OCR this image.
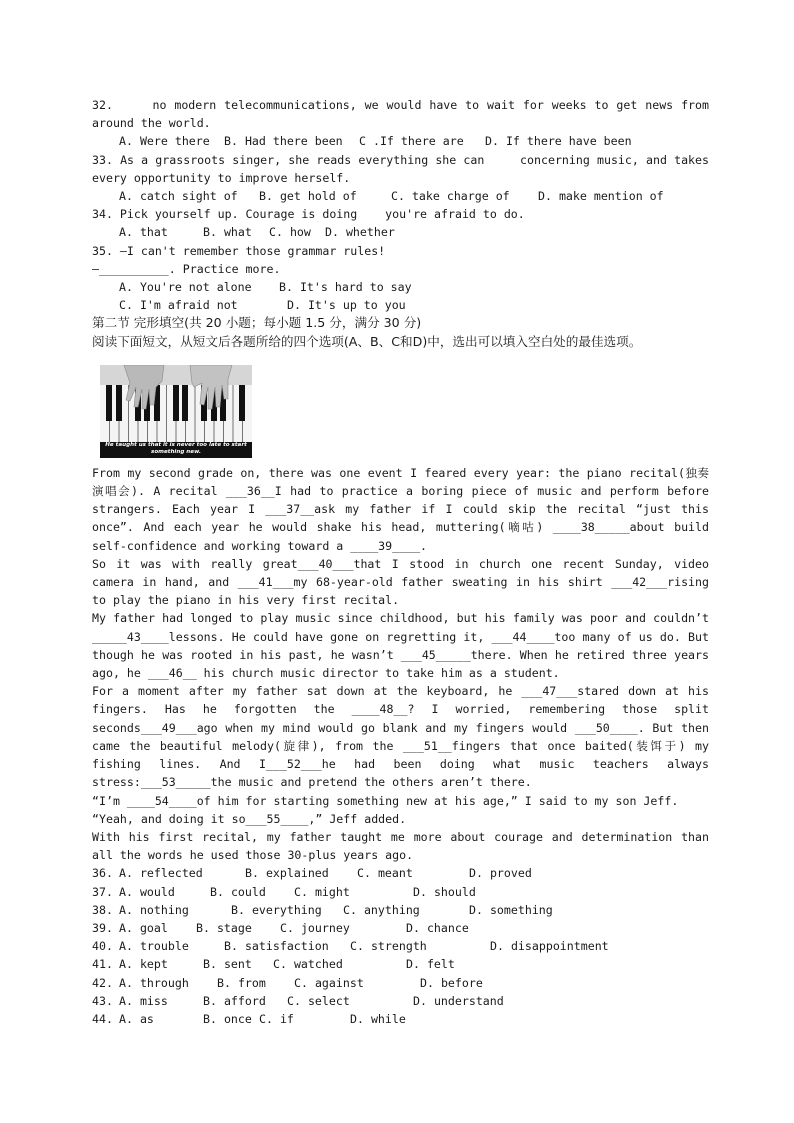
32.     no modern telecommunications, we would have to wait for weeks to get news from around the world.

A. Were there B. Had there been C .If there are D. If there have been

33. As a grassroots singer, she reads everything she can     concerning music, and takes every opportunity to improve herself.

A. catch sight of B. get hold of	C. take charge of D. make mention of

34. Pick yourself up. Courage is doing    you're afraid to do.

A. that	B. what C. how D. whether

35. —I can't remember those grammar rules!

—__________. Practice more.

A. You're not alone B. It's hard to say

C. I'm afraid not	D. It's up to you

第二节 完形填空(共 20 小题；每小题 1.5 分，满分 30 分)

阅读下面短文，从短文后各题所给的四个选项(A、B、C和D)中，选出可以填入空白处的最佳选项。

He taught us that it is never too late to start something new.

From my second grade on, there was one event I feared every year: the piano recital(独奏演唱会). A recital ___36__I had to practice a boring piece of music and perform before strangers. Each year I ___37__ask my father if I could skip the recital “just this once”. And each year he would shake his head, muttering(嘀咕) ____38_____about build self-confidence and working toward a ____39____.

So it was with really great___40___that I stood in church one recent Sunday, video camera in hand, and ___41___my 68-year-old father sweating in his shirt ___42___rising to play the piano in his very first recital.

My father had longed to play music since childhood, but his family was poor and couldn’t _____43____lessons. He could have gone on regretting it, ___44____too many of us do. But though he was rooted in his past, he wasn’t ___45_____there. When he retired three years ago, he ___46__ his church music director to take him as a student.

For a moment after my father sat down at the keyboard, he ___47___stared down at his fingers. Has he forgotten the ____48__? I worried, remembering those split seconds___49___ago when my mind would go blank and my fingers would ___50____. But then came the beautiful melody(旋律), from the ___51__fingers that once baited(装饵于) my fishing lines. And I___52___he had been doing what music teachers always stress:___53_____the music and pretend the others aren’t there.

“I’m ____54____of him for starting something new at his age,” I said to my son Jeff.

“Yeah, and doing it so___55____,” Jeff added.

With his first recital, my father taught me more about courage and determination than all the words he used those 30-plus years ago.

36. A. reflected	B. explained C. meant	D. proved

37. A. would	B. could C. might	D. should

38. A. nothing	B. everything C. anything	D. something

39. A. goal B. stage C. journey	D. chance

40. A. trouble	B. satisfaction C. strength	D. disappointment

41. A. kept	B. sent C. watched	D. felt

42. A. through B. from C. against	D. before

43. A. miss	B. afford C. select	D. understand

44. A. as	B. once C. if	D. while
